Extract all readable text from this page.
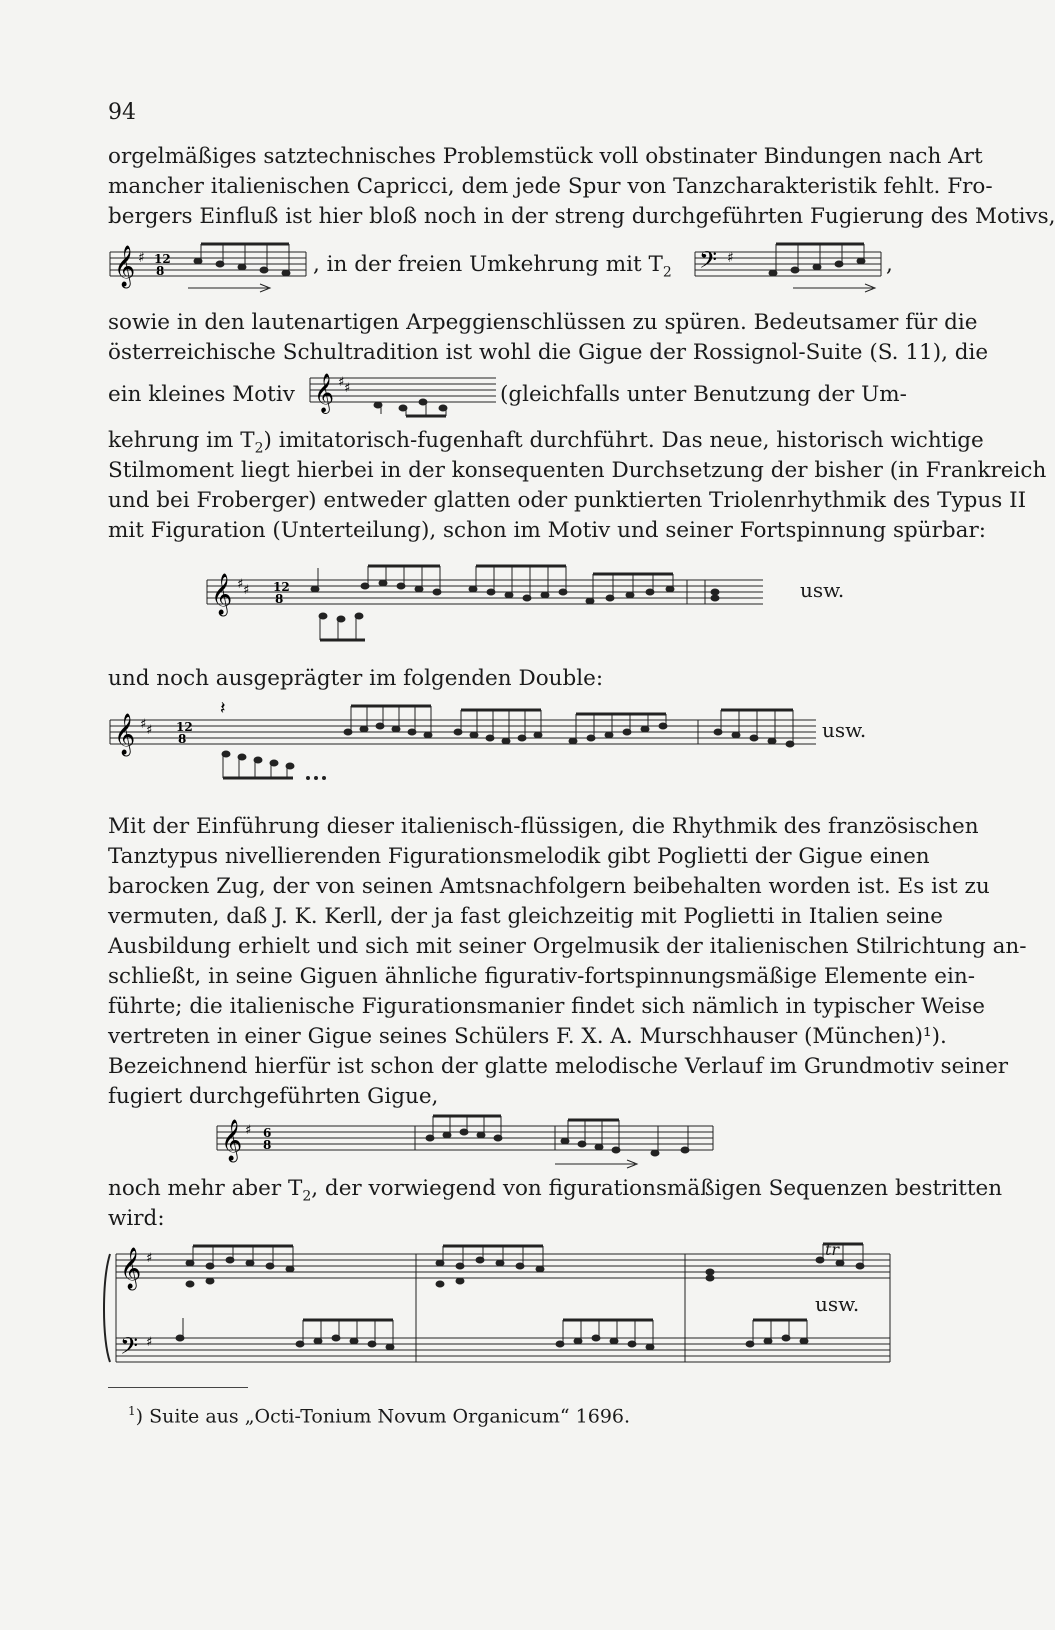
94
orgelmäßiges satztechnisches Problemstück voll obstinater Bindungen nach Art
mancher italienischen Capricci, dem jede Spur von Tanzcharakteristik fehlt. Fro-
bergers Einfluß ist hier bloß noch in der streng durchgeführten Fugierung des Motivs,
𝄞 ♯ 12
8	, in der freien Umkehrung mit $T_2$ 𝄢 ♯	,
sowie in den lautenartigen Arpeggienschlüssen zu spüren. Bedeutsamer für die
österreichische Schultradition ist wohl die Gigue der Rossignol-Suite (S. 11), die
ein kleines Motiv 𝄞 ♯ ♯	(gleichfalls unter Benutzung der Um-
kehrung im $T_2$) imitatorisch-fugenhaft durchführt. Das neue, historisch wichtige
Stilmoment liegt hierbei in der konsequenten Durchsetzung der bisher (in Frankreich
und bei Froberger) entweder glatten oder punktierten Triolenrhythmik des Typus II
mit Figuration (Unterteilung), schon im Motiv und seiner Fortspinnung spürbar:
𝄞 ♯ ♯ 12
8	usw.
und noch ausgeprägter im folgenden Double:
𝄞 ♯ ♯ 12
8
𝄽
usw.
Mit der Einführung dieser italienisch-flüssigen, die Rhythmik des französischen
Tanztypus nivellierenden Figurationsmelodik gibt Poglietti der Gigue einen
barocken Zug, der von seinen Amtsnachfolgern beibehalten worden ist. Es ist zu
vermuten, daß J. K. Kerll, der ja fast gleichzeitig mit Poglietti in Italien seine
Ausbildung erhielt und sich mit seiner Orgelmusik der italienischen Stilrichtung an-
schließt, in seine Giguen ähnliche figurativ-fortspinnungsmäßige Elemente ein-
führte; die italienische Figurationsmanier findet sich nämlich in typischer Weise
vertreten in einer Gigue seines Schülers F. X. A. Murschhauser (München)¹).
Bezeichnend hierfür ist schon der glatte melodische Verlauf im Grundmotiv seiner
fugiert durchgeführten Gigue,
𝄞 ♯ 6
8
noch mehr aber $T_2$, der vorwiegend von figurationsmäßigen Sequenzen bestritten
wird:
𝄞 ♯
𝄢 ♯
tr
usw.
$^1$) Suite aus „Octi-Tonium Novum Organicum“ 1696.
